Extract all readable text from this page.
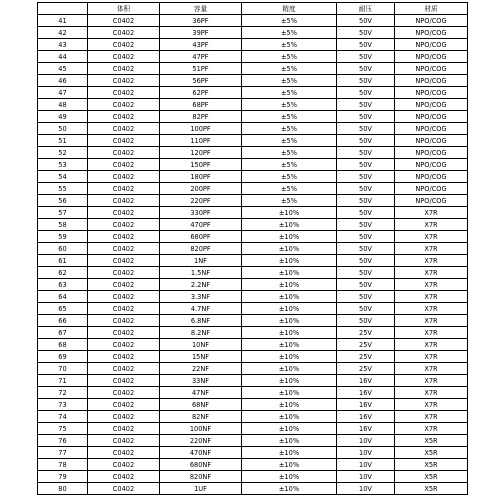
	体积	容量	精度	耐压	材质
41	C0402	36PF	±5%	50V	NPO/COG
42	C0402	39PF	±5%	50V	NPO/COG
43	C0402	43PF	±5%	50V	NPO/COG
44	C0402	47PF	±5%	50V	NPO/COG
45	C0402	51PF	±5%	50V	NPO/COG
46	C0402	56PF	±5%	50V	NPO/COG
47	C0402	62PF	±5%	50V	NPO/COG
48	C0402	68PF	±5%	50V	NPO/COG
49	C0402	82PF	±5%	50V	NPO/COG
50	C0402	100PF	±5%	50V	NPO/COG
51	C0402	110PF	±5%	50V	NPO/COG
52	C0402	120PF	±5%	50V	NPO/COG
53	C0402	150PF	±5%	50V	NPO/COG
54	C0402	180PF	±5%	50V	NPO/COG
55	C0402	200PF	±5%	50V	NPO/COG
56	C0402	220PF	±5%	50V	NPO/COG
57	C0402	330PF	±10%	50V	X7R
58	C0402	470PF	±10%	50V	X7R
59	C0402	680PF	±10%	50V	X7R
60	C0402	820PF	±10%	50V	X7R
61	C0402	1NF	±10%	50V	X7R
62	C0402	1.5NF	±10%	50V	X7R
63	C0402	2.2NF	±10%	50V	X7R
64	C0402	3.3NF	±10%	50V	X7R
65	C0402	4.7NF	±10%	50V	X7R
66	C0402	6.8NF	±10%	50V	X7R
67	C0402	8.2NF	±10%	25V	X7R
68	C0402	10NF	±10%	25V	X7R
69	C0402	15NF	±10%	25V	X7R
70	C0402	22NF	±10%	25V	X7R
71	C0402	33NF	±10%	16V	X7R
72	C0402	47NF	±10%	16V	X7R
73	C0402	68NF	±10%	16V	X7R
74	C0402	82NF	±10%	16V	X7R
75	C0402	100NF	±10%	16V	X7R
76	C0402	220NF	±10%	10V	X5R
77	C0402	470NF	±10%	10V	X5R
78	C0402	680NF	±10%	10V	X5R
79	C0402	820NF	±10%	10V	X5R
80	C0402	1UF	±10%	10V	X5R
